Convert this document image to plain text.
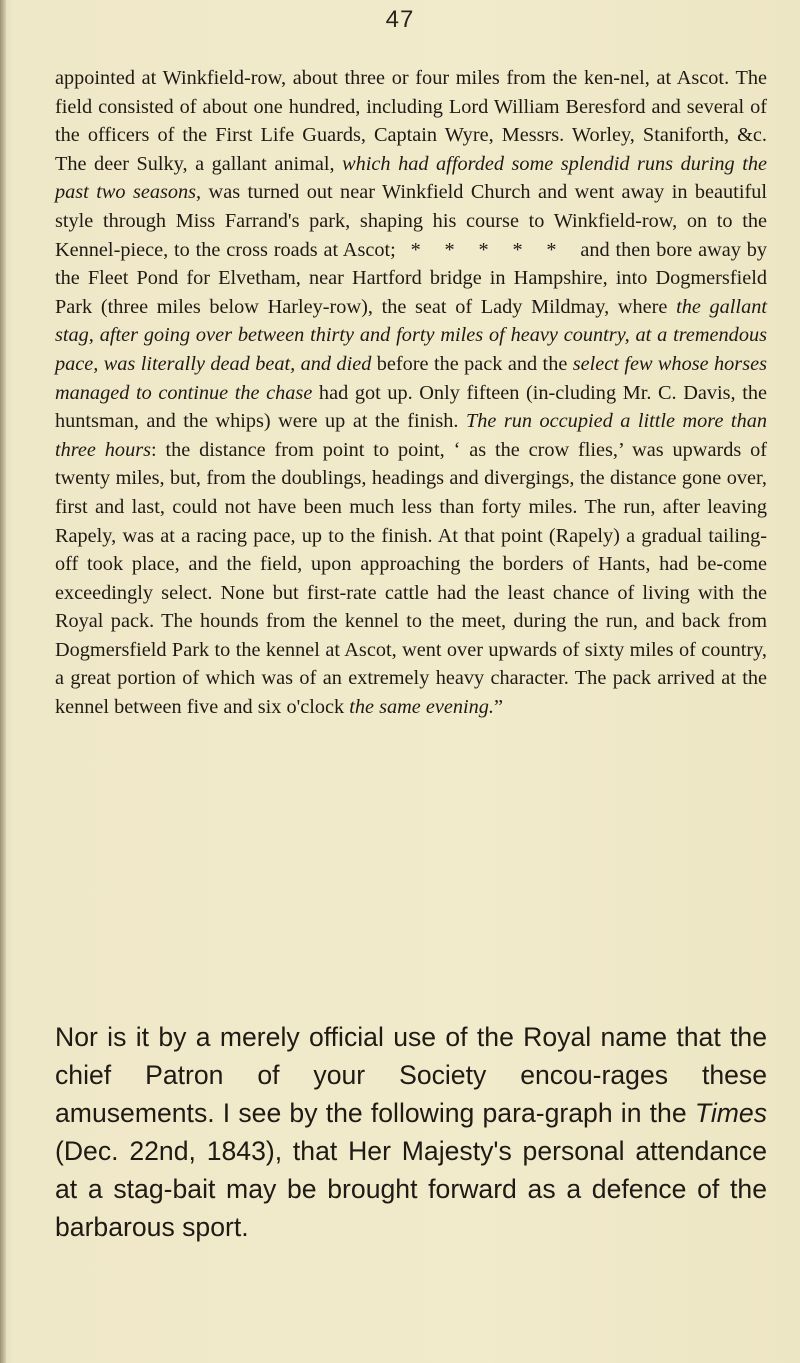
47

appointed at Winkfield-row, about three or four miles from the ken-nel, at Ascot. The field consisted of about one hundred, including Lord William Beresford and several of the officers of the First Life Guards, Captain Wyre, Messrs. Worley, Staniforth, &c. The deer Sulky, a gallant animal, which had afforded some splendid runs during the past two seasons, was turned out near Winkfield Church and went away in beautiful style through Miss Farrand's park, shaping his course to Winkfield-row, on to the Kennel-piece, to the cross roads at Ascot; * * * * * and then bore away by the Fleet Pond for Elvetham, near Hartford bridge in Hampshire, into Dogmersfield Park (three miles below Harley-row), the seat of Lady Mildmay, where the gallant stag, after going over between thirty and forty miles of heavy country, at a tremendous pace, was literally dead beat, and died before the pack and the select few whose horses managed to continue the chase had got up. Only fifteen (in-cluding Mr. C. Davis, the huntsman, and the whips) were up at the finish. The run occupied a little more than three hours: the distance from point to point, ‘ as the crow flies,’ was upwards of twenty miles, but, from the doublings, headings and divergings, the distance gone over, first and last, could not have been much less than forty miles. The run, after leaving Rapely, was at a racing pace, up to the finish. At that point (Rapely) a gradual tailing-off took place, and the field, upon approaching the borders of Hants, had be-come exceedingly select. None but first-rate cattle had the least chance of living with the Royal pack. The hounds from the kennel to the meet, during the run, and back from Dogmersfield Park to the kennel at Ascot, went over upwards of sixty miles of country, a great portion of which was of an extremely heavy character. The pack arrived at the kennel between five and six o'clock the same evening.”

Nor is it by a merely official use of the Royal name that the chief Patron of your Society encou-rages these amusements. I see by the following para-graph in the Times (Dec. 22nd, 1843), that Her Majesty's personal attendance at a stag-bait may be brought forward as a defence of the barbarous sport.
